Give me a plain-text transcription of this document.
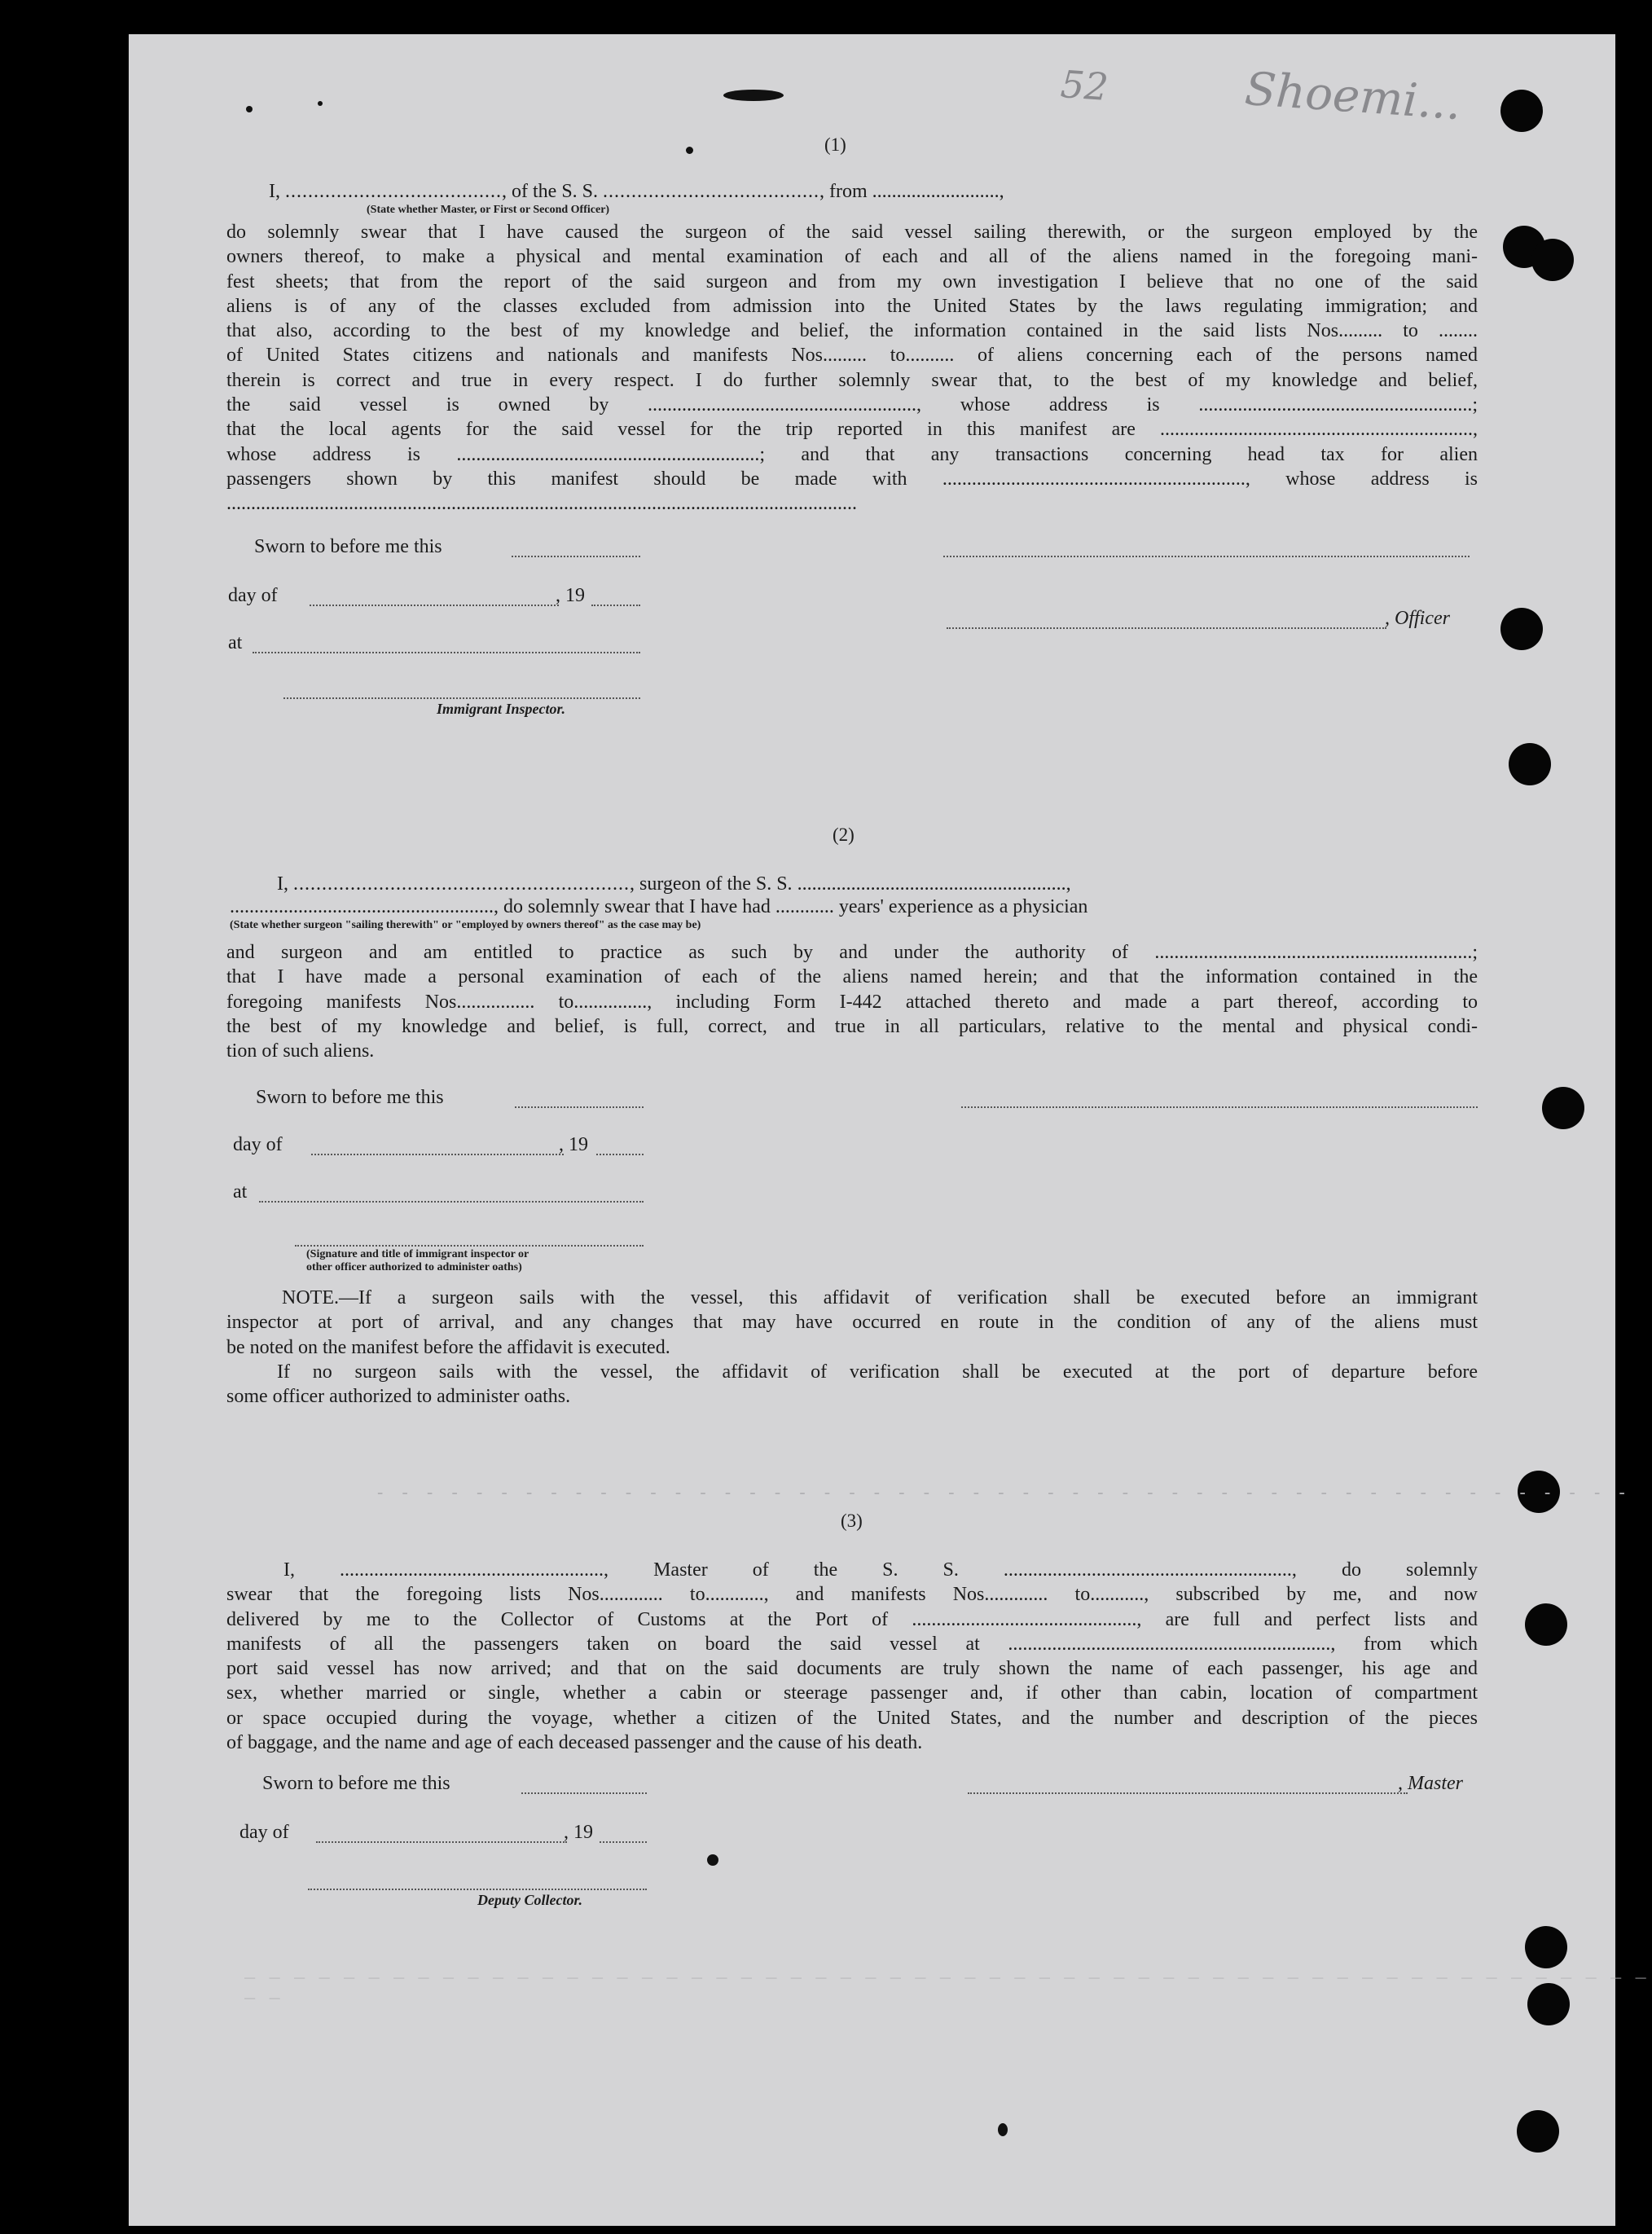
52	Shoemi...
(1)
I, ......................................, of the S. S. ......................................, from ..........................,
(State whether Master, or First or Second Officer)
do solemnly swear that I have caused the surgeon of the said vessel sailing therewith, or the surgeon employed by the
owners thereof, to make a physical and mental examination of each and all of the aliens named in the foregoing mani-
fest sheets; that from the report of the said surgeon and from my own investigation I believe that no one of the said
aliens is of any of the classes excluded from admission into the United States by the laws regulating immigration; and
that also, according to the best of my knowledge and belief, the information contained in the said lists Nos......... to ........
of United States citizens and nationals and manifests Nos......... to.......... of aliens concerning each of the persons named
therein is correct and true in every respect. I do further solemnly swear that, to the best of my knowledge and belief,
the said vessel is owned by ......................................................., whose address is ........................................................;
that the local agents for the said vessel for the trip reported in this manifest are ................................................................,
whose address is ..............................................................; and that any transactions concerning head tax for alien
passengers shown by this manifest should be made with .............................................................., whose address is
.................................................................................................................................
Sworn to before me this
day of	, 19
at
Immigrant Inspector.
, Officer
(2)
I, ..........................................................., surgeon of the S. S. .......................................................,
......................................................, do solemnly swear that I have had ............ years' experience as a physician
(State whether surgeon "sailing therewith" or "employed by owners thereof" as the case may be)
and surgeon and am entitled to practice as such by and under the authority of .................................................................;
that I have made a personal examination of each of the aliens named herein; and that the information contained in the
foregoing manifests Nos................ to..............., including Form I-442 attached thereto and made a part thereof, according to
the best of my knowledge and belief, is full, correct, and true in all particulars, relative to the mental and physical condi-
tion of such aliens.
Sworn to before me this
day of	, 19
at
(Signature and title of immigrant inspector or
other officer authorized to administer oaths)
NOTE.—If a surgeon sails with the vessel, this affidavit of verification shall be executed before an immigrant
inspector at port of arrival, and any changes that may have occurred en route in the condition of any of the aliens must
be noted on the manifest before the affidavit is executed.
If no surgeon sails with the vessel, the affidavit of verification shall be executed at the port of departure before
some officer authorized to administer oaths.
- - - - - - - - - - - - - - - - - - - - - - - - - - - - - - - - - - - - - - - - - - - - - - - - - - -
(3)
I, ......................................................, Master of the S. S. ..........................................................., do solemnly
swear that the foregoing lists Nos............. to............, and manifests Nos............. to..........., subscribed by me, and now
delivered by me to the Collector of Customs at the Port of .............................................., are full and perfect lists and
manifests of all the passengers taken on board the said vessel at .................................................................., from which
port said vessel has now arrived; and that on the said documents are truly shown the name of each passenger, his age and
sex, whether married or single, whether a cabin or steerage passenger and, if other than cabin, location of compartment
or space occupied during the voyage, whether a citizen of the United States, and the number and description of the pieces
of baggage, and the name and age of each deceased passenger and the cause of his death.
Sworn to before me this	, Master
day of	, 19
Deputy Collector.
_ _ _ _ _ _ _ _ _ _ _ _ _ _ _ _ _ _ _ _ _ _ _ _ _ _ _ _ _ _ _ _ _ _ _ _ _ _ _ _ _ _ _ _ _ _ _ _ _ _ _ _ _ _ _ _ _ _ _
